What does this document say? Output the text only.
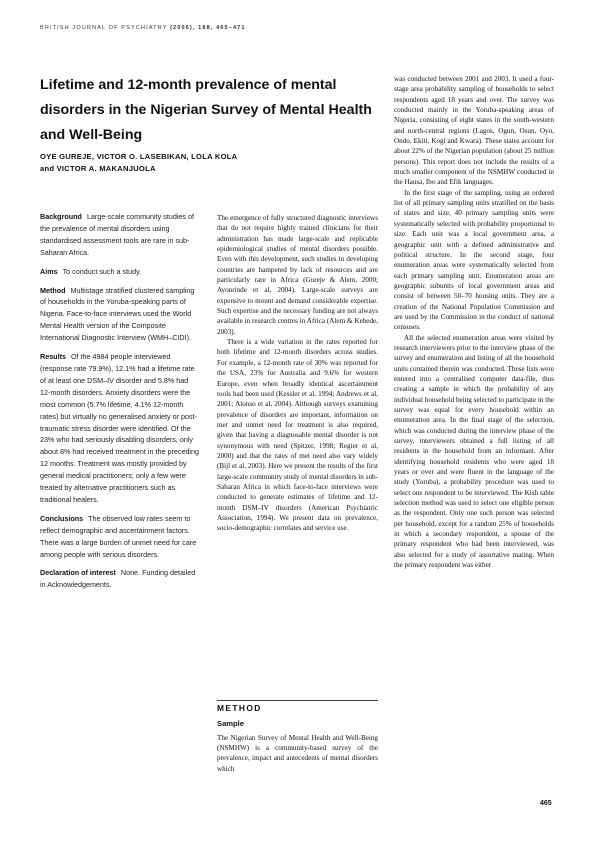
BRITISH JOURNAL OF PSYCHIATRY (2006), 188, 465–471
Lifetime and 12-month prevalence of mental disorders in the Nigerian Survey of Mental Health and Well-Being
OYE GUREJE, VICTOR O. LASEBIKAN, LOLA KOLA
and VICTOR A. MAKANJUOLA

Background Large-scale community studies of the prevalence of mental disorders using standardised assessment tools are rare in sub-Saharan Africa.

Aims To conduct such a study.

Method Multistage stratified clustered sampling of households in the Yoruba-speaking parts of Nigeria. Face-to-face interviews used the World Mental Health version of the Composite International Diagnostic Interview (WMH–CIDI).

Results Of the 4984 people interviewed (response rate 79.9%), 12.1% had a lifetime rate of at least one DSM–IV disorder and 5.8% had 12-month disorders. Anxiety disorders were the most common (5.7% lifetime, 4.1% 12-month rates) but virtually no generalised anxiety or post-traumatic stress disorder were identified. Of the 23% who had seriously disabling disorders, only about 8% had received treatment in the preceding 12 months. Treatment was mostly provided by general medical practitioners; only a few were treated by alternative practitioners such as traditional healers.

Conclusions The observed low rates seem to reflect demographic and ascertainment factors. There was a large burden of unmet need for care among people with serious disorders.

Declaration of interest None. Funding detailed in Acknowledgements.

The emergence of fully structured diagnostic interviews that do not require highly trained clinicians for their administration has made large-scale and replicable epidemiological studies of mental disorders possible. Even with this development, such studies in developing countries are hampered by lack of resources and are particularly rare in Africa (Gureje & Alem, 2000; Ayonrinde et al, 2004). Large-scale surveys are expensive to mount and demand considerable expertise. Such expertise and the necessary funding are not always available in research centres in Africa (Alem & Kebede, 2003).

There is a wide variation in the rates reported for both lifetime and 12-month disorders across studies. For example, a 12-month rate of 30% was reported for the USA, 23% for Australia and 9.6% for western Europe, even when broadly identical ascertainment tools had been used (Kessler et al, 1994; Andrews et al, 2001; Alonso et al, 2004). Although surveys examining prevalence of disorders are important, information on met and unmet need for treatment is also required, given that having a diagnosable mental disorder is not synonymous with need (Spitzer, 1998; Regier et al, 2000) and that the rates of met need also vary widely (Bijl et al, 2003). Here we present the results of the first large-scale community study of mental disorders in sub-Saharan Africa in which face-to-face interviews were conducted to generate estimates of lifetime and 12-month DSM–IV disorders (American Psychiatric Association, 1994). We present data on prevalence, socio-demographic correlates and service use.

METHOD
Sample

The Nigerian Survey of Mental Health and Well-Being (NSMHW) is a community-based survey of the prevalence, impact and antecedents of mental disorders which

was conducted between 2001 and 2003. It used a four-stage area probability sampling of households to select respondents aged 18 years and over. The survey was conducted mainly in the Yoruba-speaking areas of Nigeria, consisting of eight states in the south-western and north-central regions (Lagos, Ogun, Osun, Oyo, Ondo, Ekiti, Kogi and Kwara). These states account for about 22% of the Nigerian population (about 25 million persons). This report does not include the results of a much smaller component of the NSMHW conducted in the Hausa, Ibo and Efik languages.

In the first stage of the sampling, using an ordered list of all primary sampling units stratified on the basis of states and size, 40 primary sampling units were systematically selected with probability proportional to size. Each unit was a local government area, a geographic unit with a defined administrative and political structure. In the second stage, four enumeration areas were systematically selected from each primary sampling unit. Enumeration areas are geographic subunits of local government areas and consist of between 50–70 housing units. They are a creation of the National Population Commission and are used by the Commission in the conduct of national censuses.

All the selected enumeration areas were visited by research interviewers prior to the interview phase of the survey and enumeration and listing of all the household units contained therein was conducted. These lists were entered into a centralised computer data-file, thus creating a sample in which the probability of any individual household being selected to participate in the survey was equal for every household within an enumeration area. In the final stage of the selection, which was conducted during the interview phase of the survey, interviewers obtained a full listing of all residents in the household from an informant. After identifying household residents who were aged 18 years or over and were fluent in the language of the study (Yoruba), a probability procedure was used to select one respondent to be interviewed. The Kish table selection method was used to select one eligible person as the respondent. Only one such person was selected per household, except for a random 25% of households in which a secondary respondent, a spouse of the primary respondent who had been interviewed, was also selected for a study of assortative mating. When the primary respondent was either

465
